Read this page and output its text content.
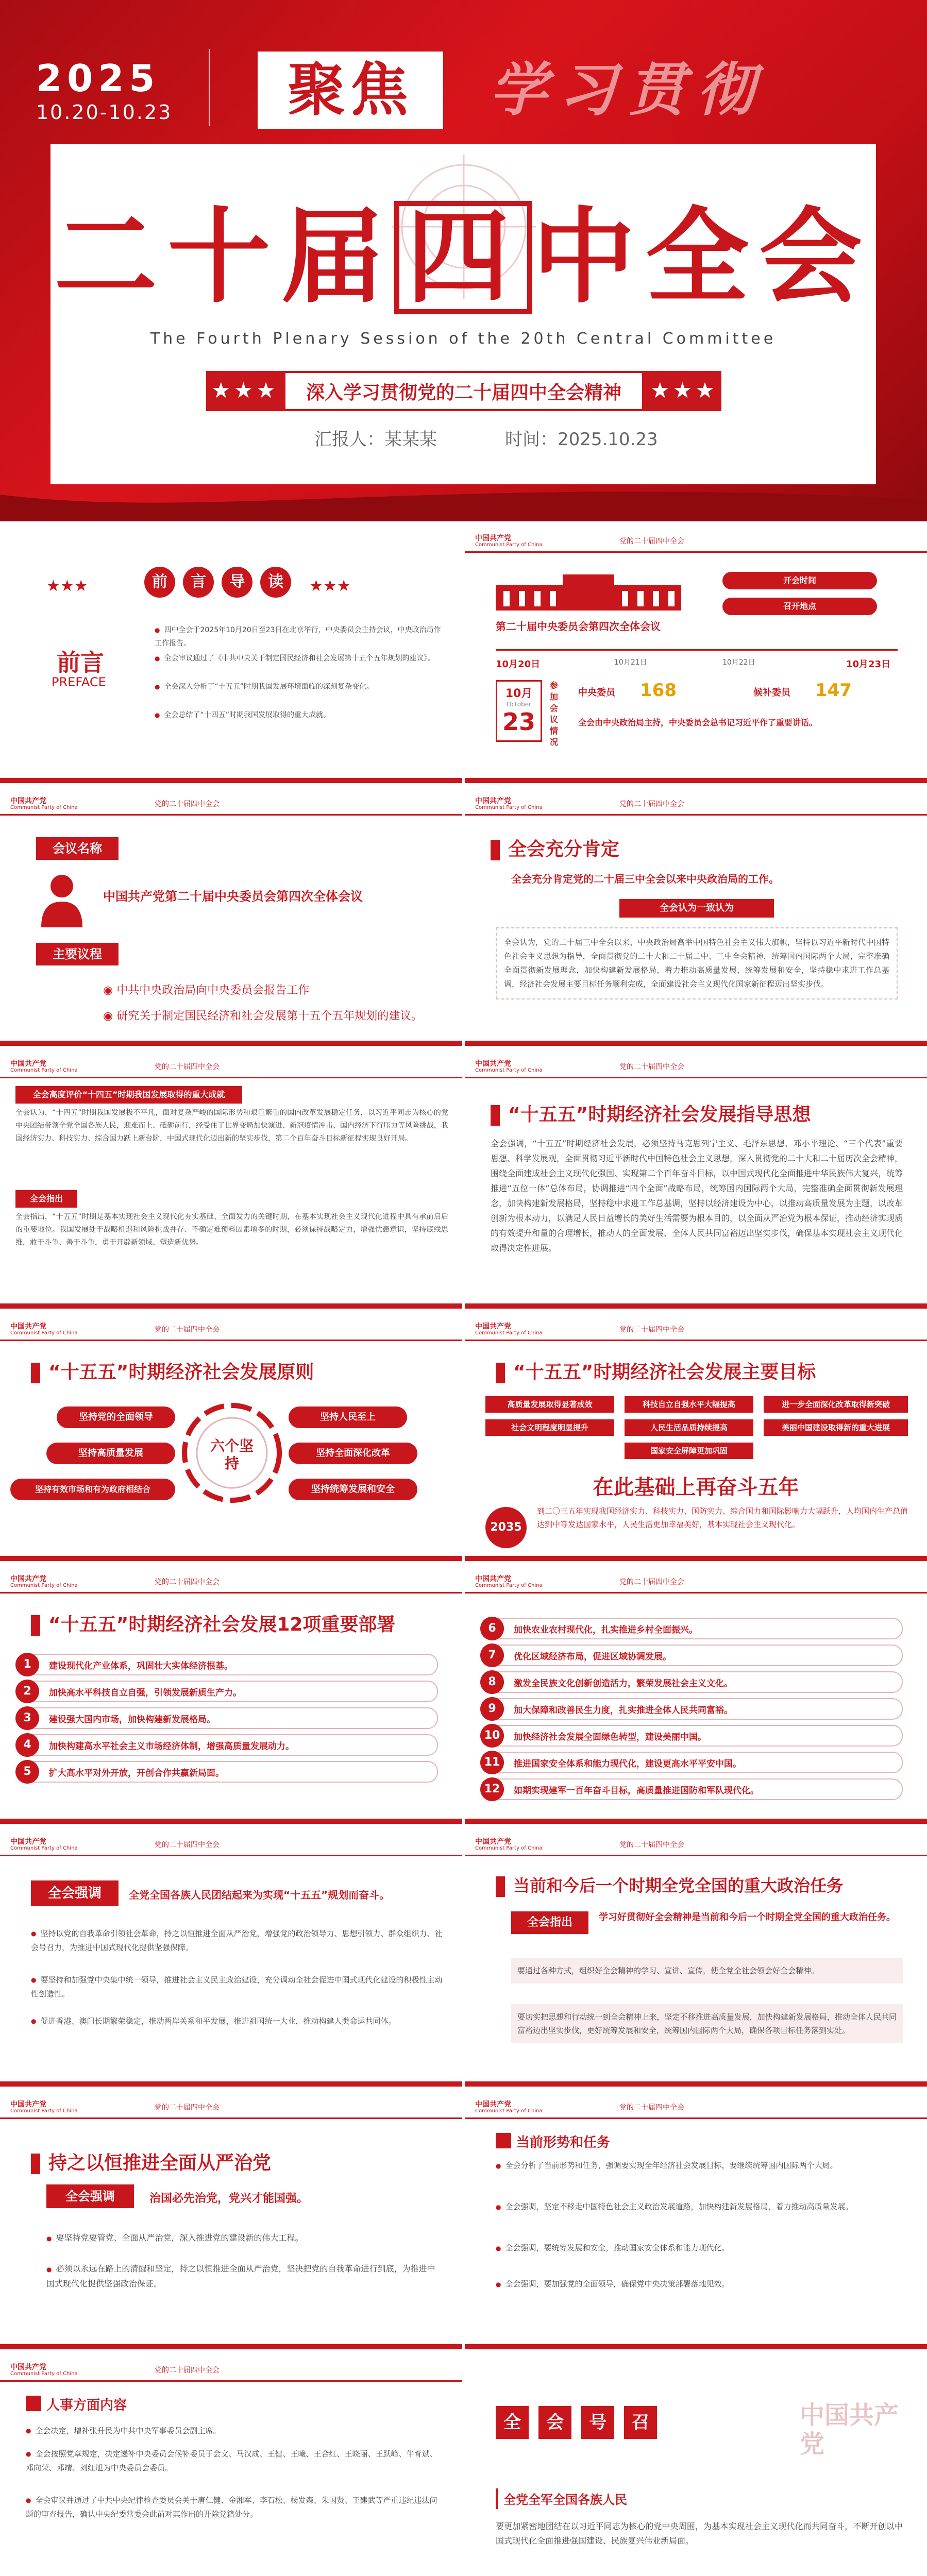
2025
10.20-10.23	聚焦	学习贯彻
二十届 四 中全会
The Fourth Plenary Session of the 20th Central Committee
★★★	★★★
深入学习贯彻党的二十届四中全会精神
汇报人：某某某	时间：2025.10.23
★★★	前 言 导 读	★★★
前言
PREFACE
● 四中全会于2025年10月20日至23日在北京举行，中央委员会主持会议，中央政治局作工作报告。
● 全会审议通过了《中共中央关于制定国民经济和社会发展第十五个五年规划的建议》。
● 全会深入分析了“十五五”时期我国发展环境面临的深刻复杂变化。
● 全会总结了“十四五”时期我国发展取得的重大成就。
中国共产党
Communist Party of China	党的二十届四中全会
第二十届中央委员会第四次全体会议
开会时间
召开地点
10月20日	10月21日	10月22日	10月23日
10月
October
23
参加会议情况
中央委员 168	候补委员 147
全会由中央政治局主持，中央委员会总书记习近平作了重要讲话。
中国共产党
Communist Party of China	党的二十届四中全会
会议名称
中国共产党第二十届中央委员会第四次全体会议
主要议程
◉ 中共中央政治局向中央委员会报告工作
◉ 研究关于制定国民经济和社会发展第十五个五年规划的建议。
中国共产党
Communist Party of China	党的二十届四中全会
全会充分肯定
全会充分肯定党的二十届三中全会以来中央政治局的工作。
全会认为一致认为
全会认为，党的二十届三中全会以来，中央政治局高举中国特色社会主义伟大旗帜，坚持以习近平新时代中国特色社会主义思想为指导，全面贯彻党的二十大和二十届二中、三中全会精神，统筹国内国际两个大局，完整准确全面贯彻新发展理念，加快构建新发展格局，着力推动高质量发展，统筹发展和安全，坚持稳中求进工作总基调，经济社会发展主要目标任务顺利完成，全面建设社会主义现代化国家新征程迈出坚实步伐。
中国共产党
Communist Party of China	党的二十届四中全会
全会高度评价“十四五”时期我国发展取得的重大成就
全会认为，“十四五”时期我国发展极不平凡，面对复杂严峻的国际形势和艰巨繁重的国内改革发展稳定任务，以习近平同志为核心的党中央团结带领全党全国各族人民，迎难而上、砥砺前行，经受住了世界变局加快演进、新冠疫情冲击、国内经济下行压力等风险挑战，我国经济实力、科技实力、综合国力跃上新台阶，中国式现代化迈出新的坚实步伐，第二个百年奋斗目标新征程实现良好开局。
全会指出
全会指出，“十五五”时期是基本实现社会主义现代化夯实基础、全面发力的关键时期，在基本实现社会主义现代化进程中具有承前启后的重要地位。我国发展处于战略机遇和风险挑战并存、不确定难预料因素增多的时期，必须保持战略定力，增强忧患意识，坚持底线思维，敢于斗争、善于斗争，勇于开辟新领域、塑造新优势。
中国共产党
Communist Party of China	党的二十届四中全会
“十五五”时期经济社会发展指导思想
全会强调，“十五五”时期经济社会发展，必须坚持马克思列宁主义、毛泽东思想、邓小平理论、“三个代表”重要思想、科学发展观，全面贯彻习近平新时代中国特色社会主义思想，深入贯彻党的二十大和二十届历次全会精神，围绕全面建成社会主义现代化强国、实现第二个百年奋斗目标，以中国式现代化全面推进中华民族伟大复兴，统筹推进“五位一体”总体布局，协调推进“四个全面”战略布局，统筹国内国际两个大局，完整准确全面贯彻新发展理念，加快构建新发展格局，坚持稳中求进工作总基调，坚持以经济建设为中心，以推动高质量发展为主题，以改革创新为根本动力，以满足人民日益增长的美好生活需要为根本目的，以全面从严治党为根本保证，推动经济实现质的有效提升和量的合理增长，推动人的全面发展、全体人民共同富裕迈出坚实步伐，确保基本实现社会主义现代化取得决定性进展。
中国共产党
Communist Party of China	党的二十届四中全会
“十五五”时期经济社会发展原则
六个坚持
坚持党的全面领导	坚持人民至上
坚持高质量发展	坚持全面深化改革
坚持有效市场和有为政府相结合	坚持统筹发展和安全
中国共产党
Communist Party of China	党的二十届四中全会
“十五五”时期经济社会发展主要目标
高质量发展取得显著成效	科技自立自强水平大幅提高	进一步全面深化改革取得新突破
社会文明程度明显提升	人民生活品质持续提高	美丽中国建设取得新的重大进展
国家安全屏障更加巩固
在此基础上再奋斗五年
2035
到二〇三五年实现我国经济实力、科技实力、国防实力、综合国力和国际影响力大幅跃升，人均国内生产总值达到中等发达国家水平，人民生活更加幸福美好，基本实现社会主义现代化。
中国共产党
Communist Party of China	党的二十届四中全会
“十五五”时期经济社会发展12项重要部署
1	建设现代化产业体系，巩固壮大实体经济根基。
2	加快高水平科技自立自强，引领发展新质生产力。
3	建设强大国内市场，加快构建新发展格局。
4	加快构建高水平社会主义市场经济体制，增强高质量发展动力。
5	扩大高水平对外开放，开创合作共赢新局面。
中国共产党
Communist Party of China	党的二十届四中全会
6	加快农业农村现代化，扎实推进乡村全面振兴。
7	优化区域经济布局，促进区域协调发展。
8	激发全民族文化创新创造活力，繁荣发展社会主义文化。
9	加大保障和改善民生力度，扎实推进全体人民共同富裕。
10	加快经济社会发展全面绿色转型，建设美丽中国。
11	推进国家安全体系和能力现代化，建设更高水平平安中国。
12	如期实现建军一百年奋斗目标，高质量推进国防和军队现代化。
中国共产党
Communist Party of China	党的二十届四中全会
全会强调	全党全国各族人民团结起来为实现“十五五”规划而奋斗。
● 坚持以党的自我革命引领社会革命，持之以恒推进全面从严治党，增强党的政治领导力、思想引领力、群众组织力、社会号召力，为推进中国式现代化提供坚强保障。
● 要坚持和加强党中央集中统一领导，推进社会主义民主政治建设，充分调动全社会促进中国式现代化建设的积极性主动性创造性。
● 促进香港、澳门长期繁荣稳定，推动两岸关系和平发展，推进祖国统一大业，推动构建人类命运共同体。
中国共产党
Communist Party of China	党的二十届四中全会
当前和今后一个时期全党全国的重大政治任务
全会指出	学习好贯彻好全会精神是当前和今后一个时期全党全国的重大政治任务。
要通过各种方式，组织好全会精神的学习、宣讲、宣传，使全党全社会领会好全会精神。
要切实把思想和行动统一到全会精神上来，坚定不移推进高质量发展，加快构建新发展格局，推动全体人民共同富裕迈出坚实步伐，更好统筹发展和安全，统筹国内国际两个大局，确保各项目标任务落到实处。
中国共产党
Communist Party of China	党的二十届四中全会
持之以恒推进全面从严治党
全会强调	治国必先治党，党兴才能国强。
● 要坚持党要管党、全面从严治党，深入推进党的建设新的伟大工程。
● 必须以永远在路上的清醒和坚定，持之以恒推进全面从严治党，坚决把党的自我革命进行到底，为推进中国式现代化提供坚强政治保证。
中国共产党
Communist Party of China	党的二十届四中全会
当前形势和任务
● 全会分析了当前形势和任务，强调要实现全年经济社会发展目标，要继续统筹国内国际两个大局。
● 全会强调，坚定不移走中国特色社会主义政治发展道路，加快构建新发展格局，着力推动高质量发展。
● 全会强调，要统筹发展和安全，推动国家安全体系和能力现代化。
● 全会强调，要加强党的全面领导，确保党中央决策部署落地见效。
中国共产党
Communist Party of China	党的二十届四中全会
人事方面内容
● 全会决定，增补张升民为中共中央军事委员会副主席。
● 全会按照党章规定，决定递补中央委员会候补委员于会文、马汉成、王健、王曦、王合红、王晓丽、王跃峰、牛育斌、邓向荣、邓靖、刘红旭为中央委员会委员。
● 全会审议并通过了中共中央纪律检查委员会关于唐仁健、金湘军、李石松、杨发森、朱国贤、王建武等严重违纪违法问题的审查报告，确认中央纪委常委会此前对其作出的开除党籍处分。
全 会 号 召	中国共产党
全党全军全国各族人民
要更加紧密地团结在以习近平同志为核心的党中央周围，为基本实现社会主义现代化而共同奋斗，不断开创以中国式现代化全面推进强国建设、民族复兴伟业新局面。
